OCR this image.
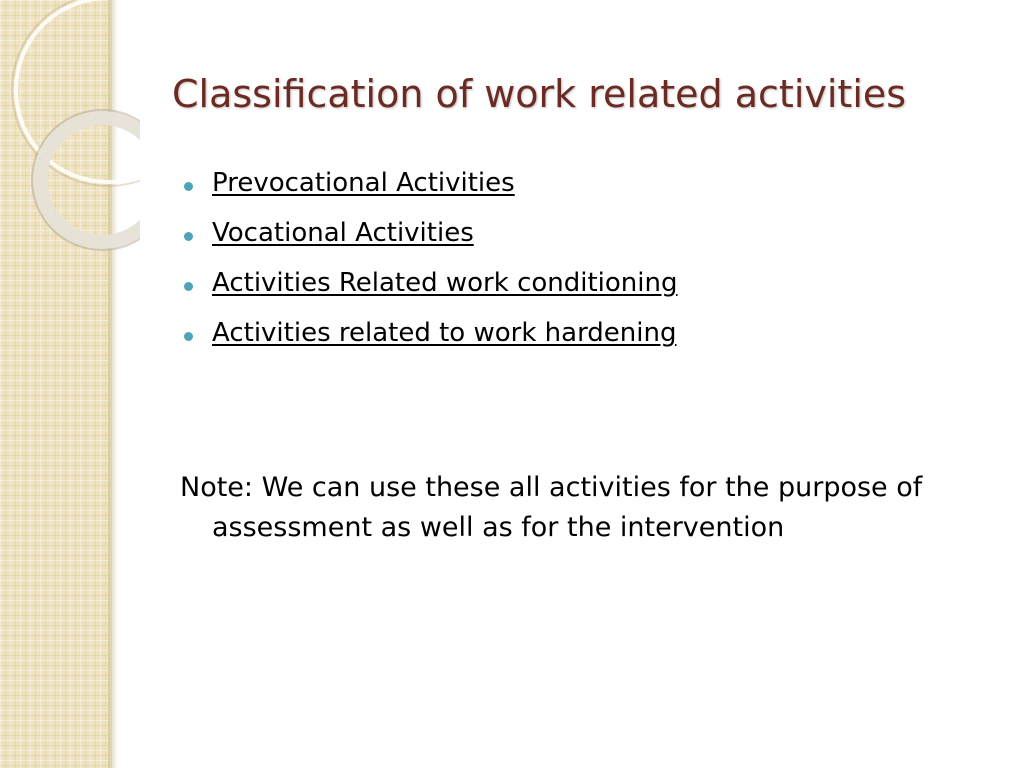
Classification of work related activities
Prevocational Activities
Vocational Activities
Activities Related work conditioning
Activities related to work hardening

Note: We can use these all activities for the purpose of assessment as well as for the intervention
